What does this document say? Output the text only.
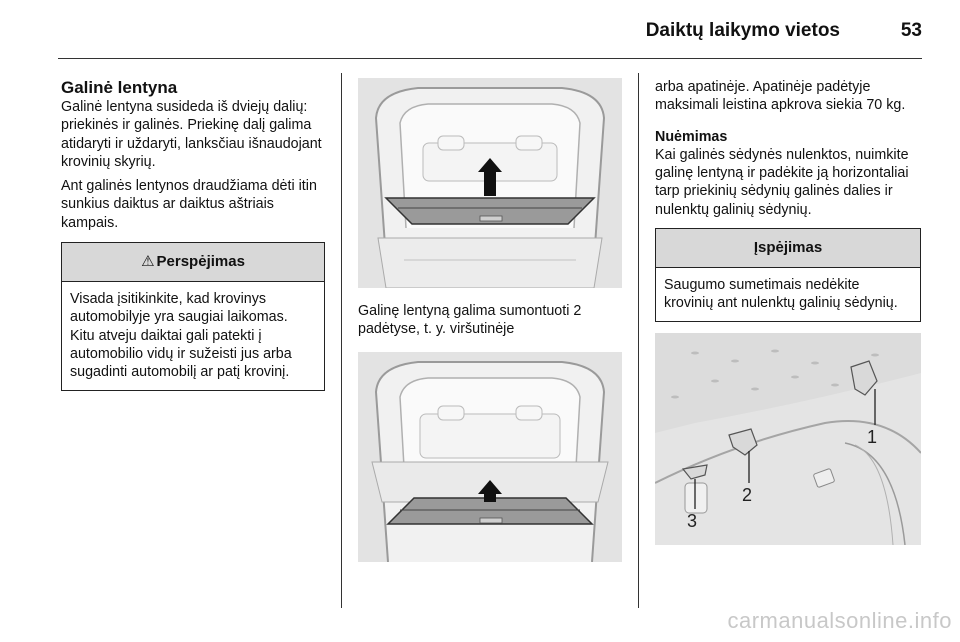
Daiktų laikymo vietos	53
Galinė lentyna

Galinė lentyna susideda iš dviejų dalių: priekinės ir galinės. Priekinę dalį galima atidaryti ir uždaryti, lanksčiau išnaudojant krovinių skyrių.

Ant galinės lentynos draudžiama dėti itin sunkius daiktus ar daiktus aštriais kampais.

⚠ Perspėjimas
Visada įsitikinkite, kad krovinys automobilyje yra saugiai laikomas. Kitu atveju daiktai gali patekti į automobilio vidų ir sužeisti jus arba sugadinti automobilį ar patį krovinį.

Galinę lentyną galima sumontuoti 2 padėtyse, t. y. viršutinėje

arba apatinėje. Apatinėje padėtyje maksimali leistina apkrova siekia 70 kg.

Nuėmimas

Kai galinės sėdynės nulenktos, nuimkite galinę lentyną ir padėkite ją horizontaliai tarp priekinių sėdynių galinės dalies ir nulenktų galinių sėdynių.

Įspėjimas
Saugumo sumetimais nedėkite krovinių ant nulenktų galinių sėdynių.
1
2
3
carmanualsonline.info
